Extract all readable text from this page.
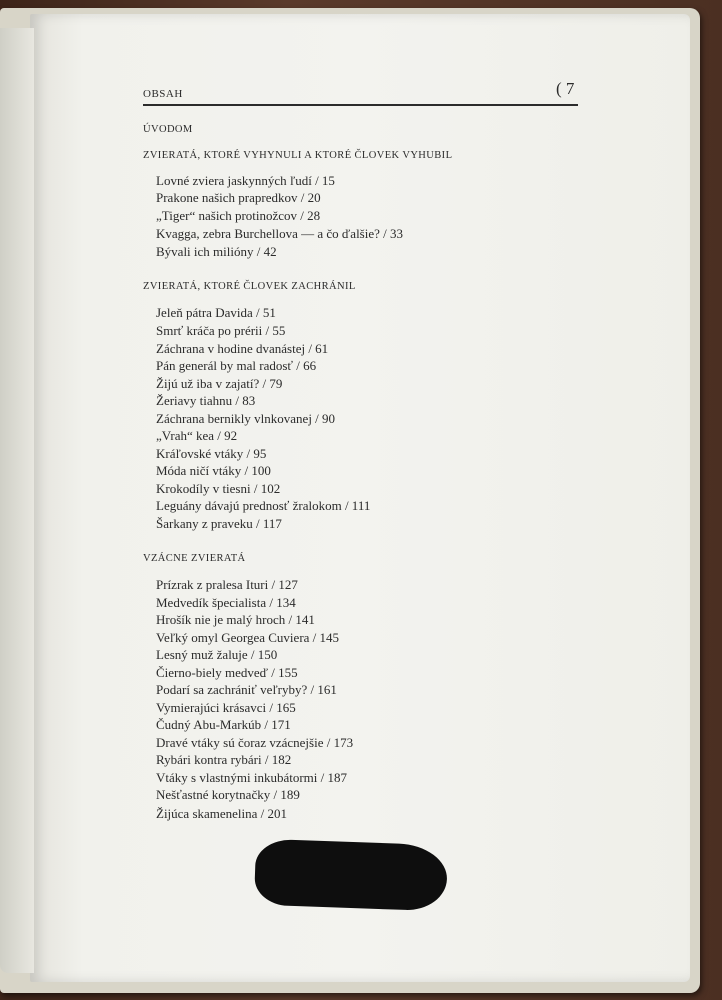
OBSAH	( 7
ÚVODOM
ZVIERATÁ, KTORÉ VYHYNULI A KTORÉ ČLOVEK VYHUBIL
Lovné zviera jaskynných ľudí / 15
Prakone našich prapredkov / 20
„Tiger“ našich protinožcov / 28
Kvagga, zebra Burchellova — a čo ďalšie? / 33
Bývali ich milióny / 42
ZVIERATÁ, KTORÉ ČLOVEK ZACHRÁNIL
Jeleň pátra Davida / 51
Smrť kráča po prérii / 55
Záchrana v hodine dvanástej / 61
Pán generál by mal radosť / 66
Žijú už iba v zajatí? / 79
Žeriavy tiahnu / 83
Záchrana bernikly vlnkovanej / 90
„Vrah“ kea / 92
Kráľovské vtáky / 95
Móda ničí vtáky / 100
Krokodíly v tiesni / 102
Leguány dávajú prednosť žralokom / 111
Šarkany z praveku / 117
VZÁCNE ZVIERATÁ
Prízrak z pralesa Ituri / 127
Medvedík špecialista / 134
Hrošík nie je malý hroch / 141
Veľký omyl Georgea Cuviera / 145
Lesný muž žaluje / 150
Čierno-biely medveď / 155
Podarí sa zachrániť veľryby? / 161
Vymierajúci krásavci / 165
Čudný Abu-Markúb / 171
Dravé vtáky sú čoraz vzácnejšie / 173
Rybári kontra rybári / 182
Vtáky s vlastnými inkubátormi / 187
Nešťastné korytnačky / 189
Žijúca skamenelina / 201
